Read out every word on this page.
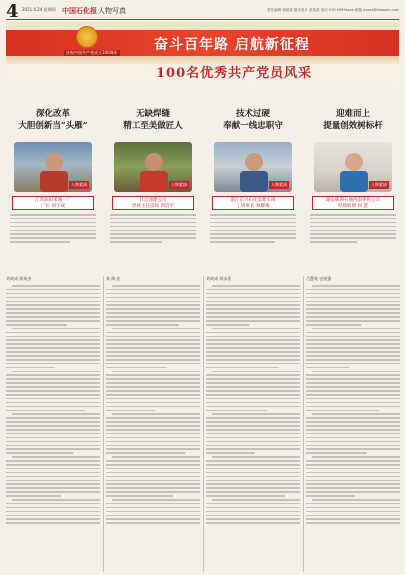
4 2021.6.24 星期四 中国石化报 人物写真	责任编辑 周某某 版式设计 某某某 电话 010-5999xxxx 邮箱 xxxxx@sinopec.com
庆祝中国共产党成立100周年	奋斗百年路 启航新征程
100名优秀共产党员风采
深化改革
大胆创新当“头雁”
人物素描
江苏油田采油一厂
厂长 周宇成
无缺焊缝
精工至美做匠人
人物素描
江汉油建公司
焊接主任技师 周启军
技术过硬
奉献一线忠职守
人物素描
湛江东兴石化第催车间
工班班长 林耀骞
迎难而上
提量创效树标杆
人物素描
湖南株洲石油西南零售公司
经理助理 何 慧
刘成成 周英杰	朱 海 宏	刘成成 刘永喜	吕慧英 史展强
